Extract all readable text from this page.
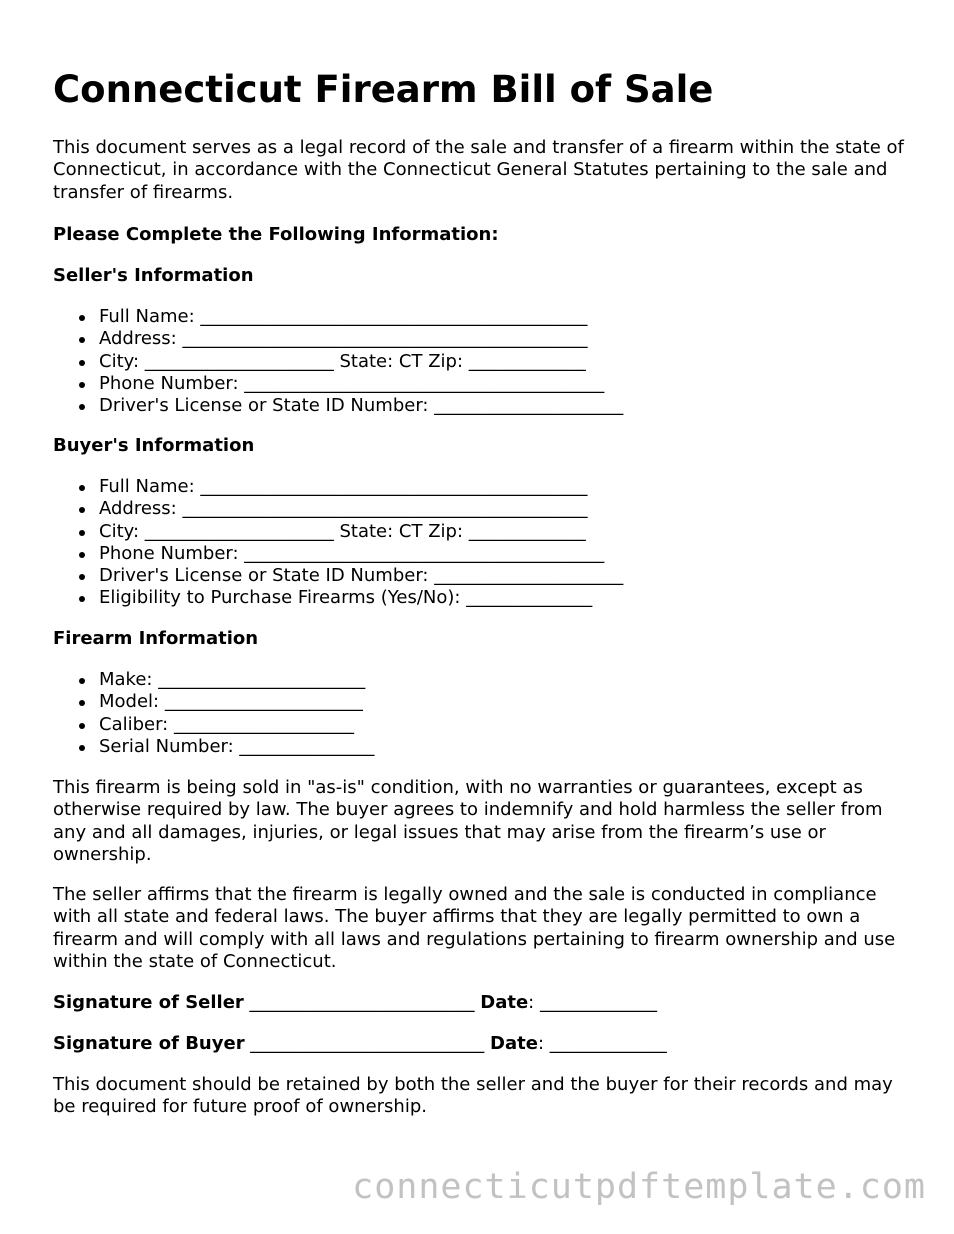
Connecticut Firearm Bill of Sale

This document serves as a legal record of the sale and transfer of a firearm within the state of Connecticut, in accordance with the Connecticut General Statutes pertaining to the sale and transfer of firearms.

Please Complete the Following Information:
Seller's Information
Full Name: ___________________________________________
Address: _____________________________________________
City: _____________________ State: CT Zip: _____________
Phone Number: ________________________________________
Driver's License or State ID Number: _____________________
Buyer's Information
Full Name: ___________________________________________
Address: _____________________________________________
City: _____________________ State: CT Zip: _____________
Phone Number: ________________________________________
Driver's License or State ID Number: _____________________
Eligibility to Purchase Firearms (Yes/No): ______________
Firearm Information
Make: _______________________
Model: ______________________
Caliber: ____________________
Serial Number: _______________

This firearm is being sold in "as-is" condition, with no warranties or guarantees, except as otherwise required by law. The buyer agrees to indemnify and hold harmless the seller from any and all damages, injuries, or legal issues that may arise from the firearm’s use or ownership.

The seller affirms that the firearm is legally owned and the sale is conducted in compliance with all state and federal laws. The buyer affirms that they are legally permitted to own a firearm and will comply with all laws and regulations pertaining to firearm ownership and use within the state of Connecticut.

Signature of Seller _________________________ Date: _____________
Signature of Buyer __________________________ Date: _____________

This document should be retained by both the seller and the buyer for their records and may be required for future proof of ownership.

connecticutpdftemplate.com
